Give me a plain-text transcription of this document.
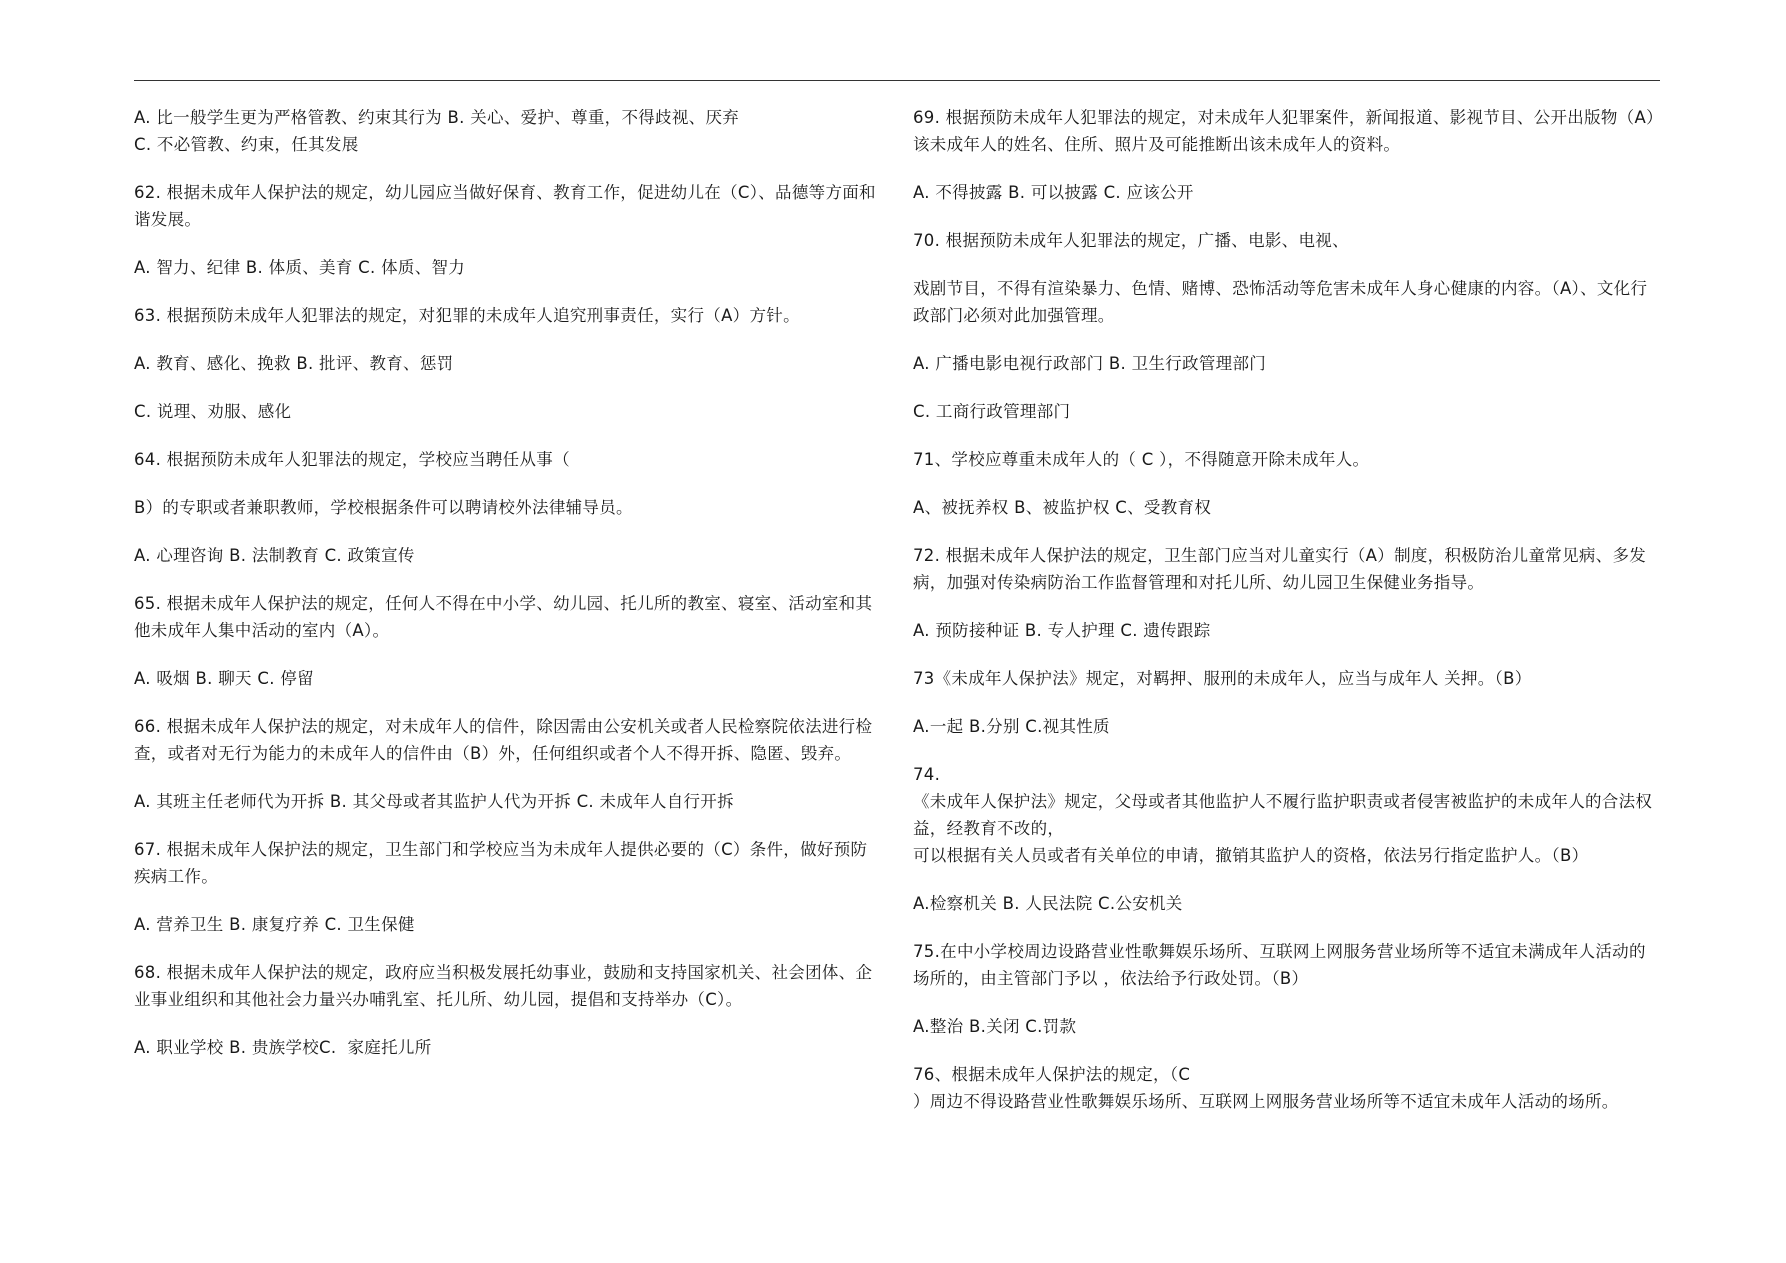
A. 比一般学生更为严格管教、约束其行为 B. 关心、爱护、尊重，不得歧视、厌弃
C. 不必管教、约束，任其发展

62. 根据未成年人保护法的规定，幼儿园应当做好保育、教育工作，促进幼儿在（C）、品德等方面和谐发展。

A. 智力、纪律 B. 体质、美育 C. 体质、智力

63. 根据预防未成年人犯罪法的规定，对犯罪的未成年人追究刑事责任，实行（A）方针。

A. 教育、感化、挽救 B. 批评、教育、惩罚

C. 说理、劝服、感化

64. 根据预防未成年人犯罪法的规定，学校应当聘任从事（

B）的专职或者兼职教师，学校根据条件可以聘请校外法律辅导员。

A. 心理咨询 B. 法制教育 C. 政策宣传

65. 根据未成年人保护法的规定，任何人不得在中小学、幼儿园、托儿所的教室、寝室、活动室和其他未成年人集中活动的室内（A）。

A. 吸烟 B. 聊天 C. 停留

66. 根据未成年人保护法的规定，对未成年人的信件，除因需由公安机关或者人民检察院依法进行检查，或者对无行为能力的未成年人的信件由（B）外，任何组织或者个人不得开拆、隐匿、毁弃。

A. 其班主任老师代为开拆 B. 其父母或者其监护人代为开拆 C. 未成年人自行开拆

67. 根据未成年人保护法的规定，卫生部门和学校应当为未成年人提供必要的（C）条件，做好预防疾病工作。

A. 营养卫生 B. 康复疗养 C. 卫生保健

68. 根据未成年人保护法的规定，政府应当积极发展托幼事业，鼓励和支持国家机关、社会团体、企业事业组织和其他社会力量兴办哺乳室、托儿所、幼儿园，提倡和支持举办（C）。

A. 职业学校 B. 贵族学校C.  家庭托儿所

69. 根据预防未成年人犯罪法的规定，对未成年人犯罪案件，新闻报道、影视节目、公开出版物（A）该未成年人的姓名、住所、照片及可能推断出该未成年人的资料。

A. 不得披露 B. 可以披露 C. 应该公开

70. 根据预防未成年人犯罪法的规定，广播、电影、电视、

戏剧节目，不得有渲染暴力、色情、赌博、恐怖活动等危害未成年人身心健康的内容。（A）、文化行政部门必须对此加强管理。

A. 广播电影电视行政部门 B. 卫生行政管理部门

C. 工商行政管理部门

71、学校应尊重未成年人的（ C ），不得随意开除未成年人。

A、被抚养权 B、被监护权 C、受教育权

72. 根据未成年人保护法的规定，卫生部门应当对儿童实行（A）制度，积极防治儿童常见病、多发病，加强对传染病防治工作监督管理和对托儿所、幼儿园卫生保健业务指导。

A. 预防接种证 B. 专人护理 C. 遗传跟踪

73《未成年人保护法》规定，对羁押、服刑的未成年人，应当与成年人 关押。（B）

A.一起 B.分别 C.视其性质

74.
《未成年人保护法》规定，父母或者其他监护人不履行监护职责或者侵害被监护的未成年人的合法权益，经教育不改的，
可以根据有关人员或者有关单位的申请，撤销其监护人的资格，依法另行指定监护人。（B）

A.检察机关 B. 人民法院 C.公安机关

75.在中小学校周边设路营业性歌舞娱乐场所、互联网上网服务营业场所等不适宜未满成年人活动的场所的，由主管部门予以 ，依法给予行政处罚。（B）

A.整治 B.关闭 C.罚款

76、根据未成年人保护法的规定，（C
）周边不得设路营业性歌舞娱乐场所、互联网上网服务营业场所等不适宜未成年人活动的场所。
